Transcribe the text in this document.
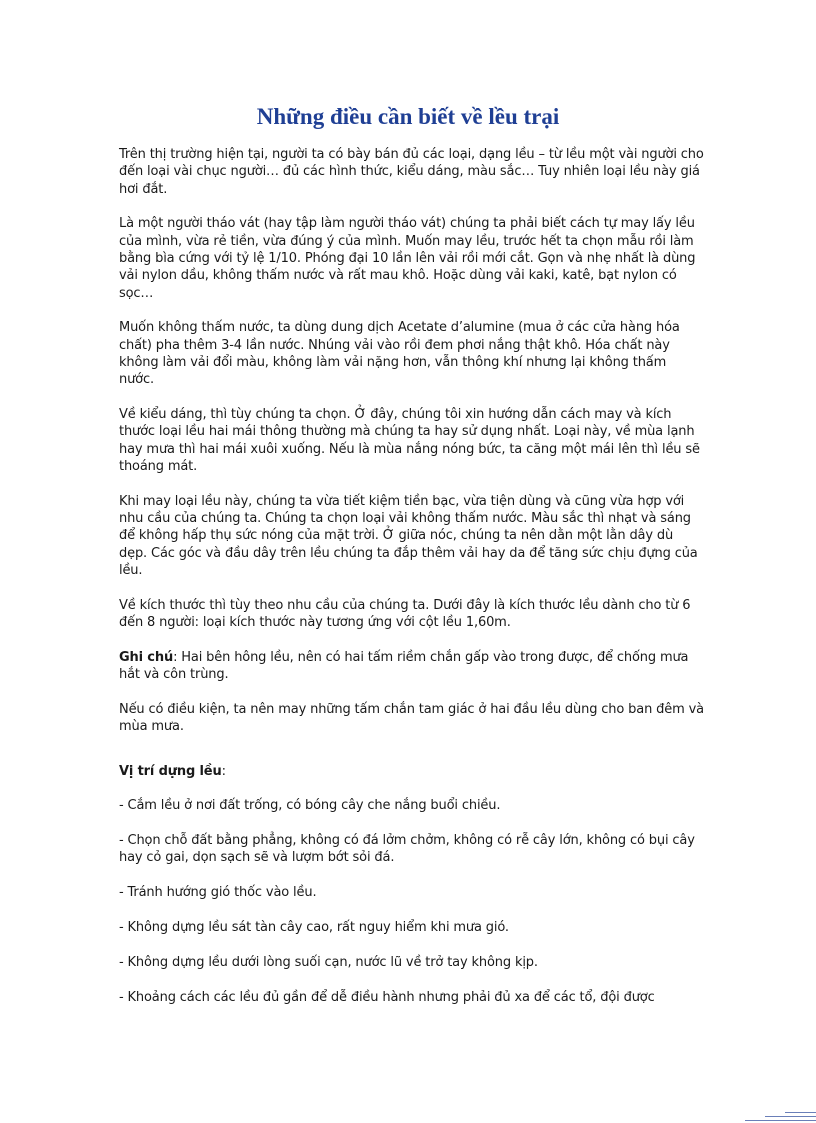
Những điều cần biết về lều trại

Trên thị trường hiện tại, người ta có bày bán đủ các loại, dạng lều – từ lều một vài người cho đến loại vài chục người… đủ các hình thức, kiểu dáng, màu sắc… Tuy nhiên loại lều này giá hơi đắt.

Là một người tháo vát (hay tập làm người tháo vát) chúng ta phải biết cách tự may lấy lều của mình, vừa rẻ tiền, vừa đúng ý của mình. Muốn may lều, trước hết ta chọn mẫu rồi làm bằng bìa cứng với tỷ lệ 1/10. Phóng đại 10 lần lên vải rồi mới cắt. Gọn và nhẹ nhất là dùng vải nylon dầu, không thấm nước và rất mau khô. Hoặc dùng vải kaki, katê, bạt nylon có sọc…

Muốn không thấm nước, ta dùng dung dịch Acetate d’alumine (mua ở các cửa hàng hóa chất) pha thêm 3-4 lần nước. Nhúng vải vào rồi đem phơi nắng thật khô. Hóa chất này không làm vải đổi màu, không làm vải nặng hơn, vẫn thông khí nhưng lại không thấm nước.

Về kiểu dáng, thì tùy chúng ta chọn. Ở đây, chúng tôi xin hướng dẫn cách may và kích thước loại lều hai mái thông thường mà chúng ta hay sử dụng nhất. Loại này, về mùa lạnh hay mưa thì hai mái xuôi xuống. Nếu là mùa nắng nóng bức, ta căng một mái lên thì lều sẽ thoáng mát.

Khi may loại lều này, chúng ta vừa tiết kiệm tiền bạc, vừa tiện dùng và cũng vừa hợp với nhu cầu của chúng ta. Chúng ta chọn loại vải không thấm nước. Màu sắc thì nhạt và sáng để không hấp thụ sức nóng của mặt trời. Ở giữa nóc, chúng ta nên dằn một lằn dây dù dẹp. Các góc và đầu dây trên lều chúng ta đắp thêm vải hay da để tăng sức chịu đựng của lều.

Về kích thước thì tùy theo nhu cầu của chúng ta. Dưới đây là kích thước lều dành cho từ 6 đến 8 người: loại kích thước này tương ứng với cột lều 1,60m.

Ghi chú: Hai bên hông lều, nên có hai tấm riềm chắn gấp vào trong được, để chống mưa hắt và côn trùng.

Nếu có điều kiện, ta nên may những tấm chắn tam giác ở hai đầu lều dùng cho ban đêm và mùa mưa.

Vị trí dựng lều:

- Cắm lều ở nơi đất trống, có bóng cây che nắng buổi chiều.

- Chọn chỗ đất bằng phẳng, không có đá lởm chởm, không có rễ cây lớn, không có bụi cây hay cỏ gai, dọn sạch sẽ và lượm bớt sỏi đá.

- Tránh hướng gió thốc vào lều.

- Không dựng lều sát tàn cây cao, rất nguy hiểm khi mưa gió.

- Không dựng lều dưới lòng suối cạn, nước lũ về trở tay không kịp.

- Khoảng cách các lều đủ gần để dễ điều hành nhưng phải đủ xa để các tổ, đội được
